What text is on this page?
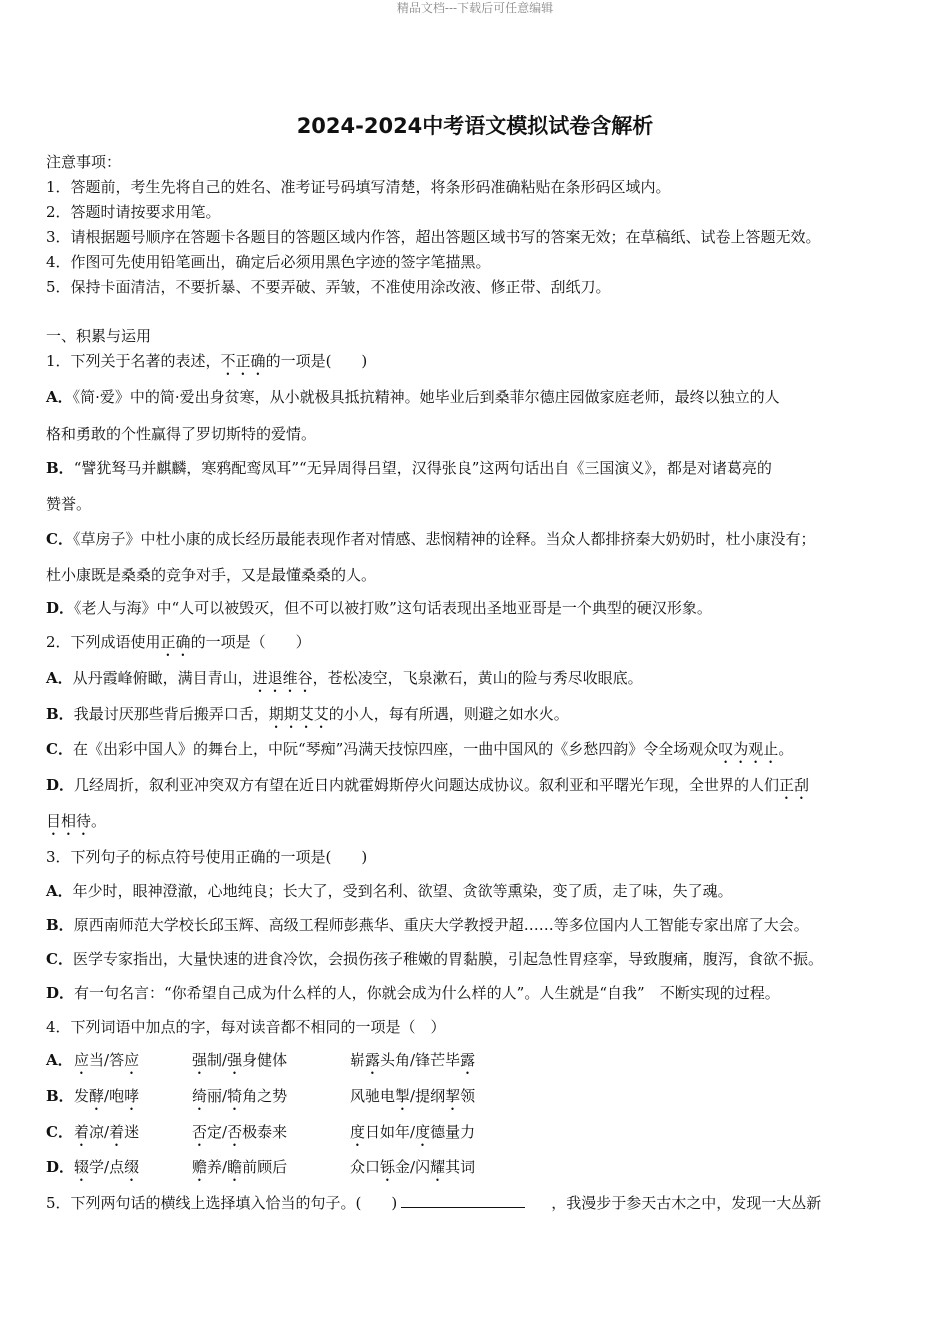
精品文档---下载后可任意编辑
2024-2024中考语文模拟试卷含解析
注意事项：
1．答题前，考生先将自己的姓名、准考证号码填写清楚，将条形码准确粘贴在条形码区域内。
2．答题时请按要求用笔。
3．请根据题号顺序在答题卡各题目的答题区域内作答，超出答题区域书写的答案无效；在草稿纸、试卷上答题无效。
4．作图可先使用铅笔画出，确定后必须用黑色字迹的签字笔描黑。
5．保持卡面清洁，不要折暴、不要弄破、弄皱，不准使用涂改液、修正带、刮纸刀。
一、积累与运用
1．下列关于名著的表述，不正确的一项是(　　)
A．《简·爱》中的简·爱出身贫寒，从小就极具抵抗精神。她毕业后到桑菲尔德庄园做家庭老师，最终以独立的人
格和勇敢的个性赢得了罗切斯特的爱情。
B．“譬犹驽马并麒麟，寒鸦配鸾凤耳”“无异周得吕望，汉得张良”这两句话出自《三国演义》，都是对诸葛亮的
赞誉。
C．《草房子》中杜小康的成长经历最能表现作者对情感、悲悯精神的诠释。当众人都排挤秦大奶奶时，杜小康没有；
杜小康既是桑桑的竞争对手，又是最懂桑桑的人。
D．《老人与海》中“人可以被毁灭，但不可以被打败”这句话表现出圣地亚哥是一个典型的硬汉形象。
2．下列成语使用正确的一项是（　　）
A．从丹霞峰俯瞰，满目青山，进退维谷，苍松凌空，飞泉漱石，黄山的险与秀尽收眼底。
B．我最讨厌那些背后搬弄口舌，期期艾艾的小人，每有所遇，则避之如水火。
C．在《出彩中国人》的舞台上，中阮“琴痴”冯满天技惊四座，一曲中国风的《乡愁四韵》令全场观众叹为观止。
D．几经周折，叙利亚冲突双方有望在近日内就霍姆斯停火问题达成协议。叙利亚和平曙光乍现，全世界的人们正刮
目相待。
3．下列句子的标点符号使用正确的一项是(　　)
A．年少时，眼神澄澈，心地纯良；长大了，受到名利、欲望、贪欲等熏染，变了质，走了味，失了魂。
B．原西南师范大学校长邱玉辉、高级工程师彭燕华、重庆大学教授尹超……等多位国内人工智能专家出席了大会。
C．医学专家指出，大量快速的进食冷饮，会损伤孩子稚嫩的胃黏膜，引起急性胃痉挛，导致腹痛，腹泻，食欲不振。
D．有一句名言：“你希望自己成为什么样的人，你就会成为什么样的人”。人生就是“自我”　不断实现的过程。
4．下列词语中加点的字，每对读音都不相同的一项是（　）
A． 应当/答应	强制/强身健体	崭露头角/锋芒毕露
B． 发酵/咆哮	绮丽/犄角之势	风驰电掣/提纲挈领
C． 着凉/着迷	否定/否极泰来	度日如年/度德量力
D． 辍学/点缀	赡养/瞻前顾后	众口铄金/闪耀其词
5．下列两句话的横线上选择填入恰当的句子。(　　)	，我漫步于参天古木之中，发现一大丛新
